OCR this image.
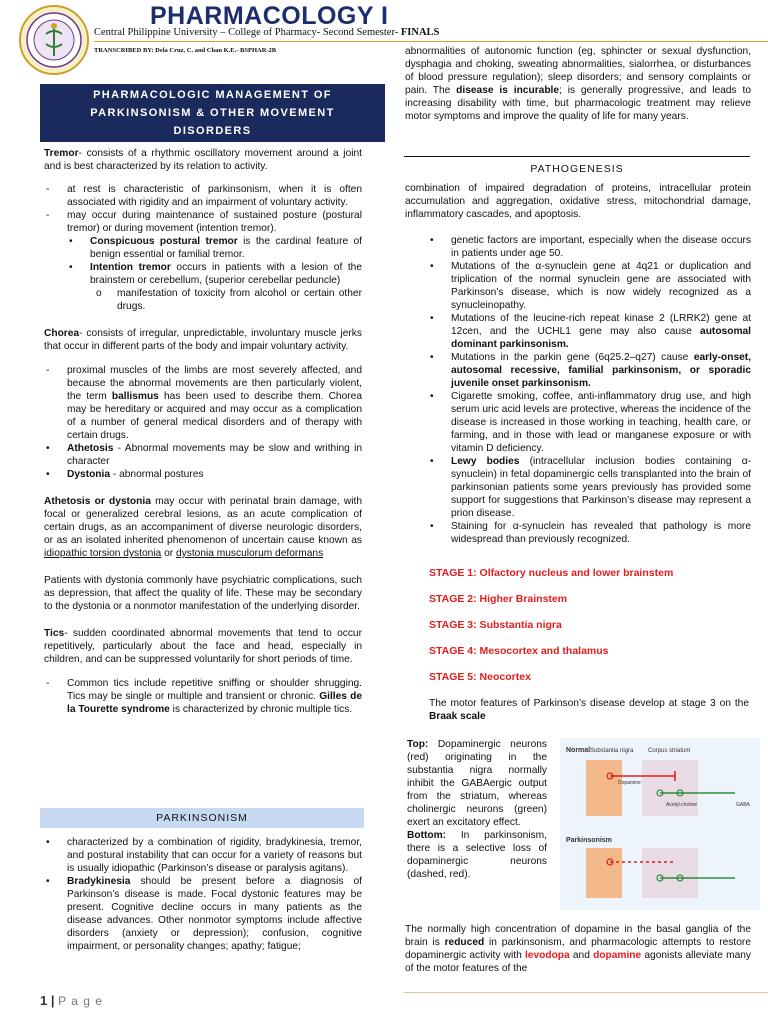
PHARMACOLOGY I
Central Philippine University – College of Pharmacy- Second Semester- FINALS
TRANSCRIBED BY: Dela Cruz, C. and Chan K.E.- BSPHAR-2B
PHARMACOLOGIC MANAGEMENT OF
PARKINSONISM & OTHER MOVEMENT
DISORDERS

Tremor- consists of a rhythmic oscillatory movement around a joint and is best characterized by its relation to activity.

- at rest is characteristic of parkinsonism, when it is often associated with rigidity and an impairment of voluntary activity.
- may occur during maintenance of sustained posture (postural tremor) or during movement (intention tremor).
• Conspicuous postural tremor is the cardinal feature of benign essential or familial tremor.
• Intention tremor occurs in patients with a lesion of the brainstem or cerebellum, (superior cerebellar peduncle)
o manifestation of toxicity from alcohol or certain other drugs.

Chorea- consists of irregular, unpredictable, involuntary muscle jerks that occur in different parts of the body and impair voluntary activity.

- proximal muscles of the limbs are most severely affected, and because the abnormal movements are then particularly violent, the term ballismus has been used to describe them. Chorea may be hereditary or acquired and may occur as a complication of a number of general medical disorders and of therapy with certain drugs.
• Athetosis - Abnormal movements may be slow and writhing in character
• Dystonia - abnormal postures

Athetosis or dystonia may occur with perinatal brain damage, with focal or generalized cerebral lesions, as an acute complication of certain drugs, as an accompaniment of diverse neurologic disorders, or as an isolated inherited phenomenon of uncertain cause known as idiopathic torsion dystonia or dystonia musculorum deformans

Patients with dystonia commonly have psychiatric complications, such as depression, that affect the quality of life. These may be secondary to the dystonia or a nonmotor manifestation of the underlying disorder.

Tics- sudden coordinated abnormal movements that tend to occur repetitively, particularly about the face and head, especially in children, and can be suppressed voluntarily for short periods of time.

- Common tics include repetitive sniffing or shoulder shrugging. Tics may be single or multiple and transient or chronic. Gilles de la Tourette syndrome is characterized by chronic multiple tics.
PARKINSONISM
• characterized by a combination of rigidity, bradykinesia, tremor, and postural instability that can occur for a variety of reasons but is usually idiopathic (Parkinson’s disease or paralysis agitans).
• Bradykinesia should be present before a diagnosis of Parkinson’s disease is made. Focal dystonic features may be present. Cognitive decline occurs in many patients as the disease advances. Other nonmotor symptoms include affective disorders (anxiety or depression); confusion, cognitive impairment, or personality changes; apathy; fatigue;

abnormalities of autonomic function (eg, sphincter or sexual dysfunction, dysphagia and choking, sweating abnormalities, sialorrhea, or disturbances of blood pressure regulation); sleep disorders; and sensory complaints or pain. The disease is incurable; is generally progressive, and leads to increasing disability with time, but pharmacologic treatment may relieve motor symptoms and improve the quality of life for many years.

PATHOGENESIS

combination of impaired degradation of proteins, intracellular protein accumulation and aggregation, oxidative stress, mitochondrial damage, inflammatory cascades, and apoptosis.

• genetic factors are important, especially when the disease occurs in patients under age 50.
• Mutations of the α-synuclein gene at 4q21 or duplication and triplication of the normal synuclein gene are associated with Parkinson’s disease, which is now widely recognized as a synucleinopathy.
• Mutations of the leucine-rich repeat kinase 2 (LRRK2) gene at 12cen, and the UCHL1 gene may also cause autosomal dominant parkinsonism.
• Mutations in the parkin gene (6q25.2–q27) cause early-onset, autosomal recessive, familial parkinsonism, or sporadic juvenile onset parkinsonism.
• Cigarette smoking, coffee, anti-inflammatory drug use, and high serum uric acid levels are protective, whereas the incidence of the disease is increased in those working in teaching, health care, or farming, and in those with lead or manganese exposure or with vitamin D deficiency.
• Lewy bodies (intracellular inclusion bodies containing α-synuclein) in fetal dopaminergic cells transplanted into the brain of parkinsonian patients some years previously has provided some support for suggestions that Parkinson’s disease may represent a prion disease.
• Staining for α-synuclein has revealed that pathology is more widespread than previously recognized.
STAGE 1: Olfactory nucleus and lower brainstem
STAGE 2: Higher Brainstem
STAGE 3: Substantia nigra
STAGE 4: Mesocortex and thalamus
STAGE 5: Neocortex

The motor features of Parkinson’s disease develop at stage 3 on the Braak scale

Top: Dopaminergic neurons (red) originating in the substantia nigra normally inhibit the GABAergic output from the striatum, whereas cholinergic neurons (green) exert an excitatory effect.

Bottom: In parkinsonism, there is a selective loss of dopaminergic neurons (dashed, red).

Normal Substantia nigra Corpus striatum
Dopamine
Acetyl-choline	GABA
Parkinsonism

The normally high concentration of dopamine in the basal ganglia of the brain is reduced in parkinsonism, and pharmacologic attempts to restore dopaminergic activity with levodopa and dopamine agonists alleviate many of the motor features of the

1 | P a g e
